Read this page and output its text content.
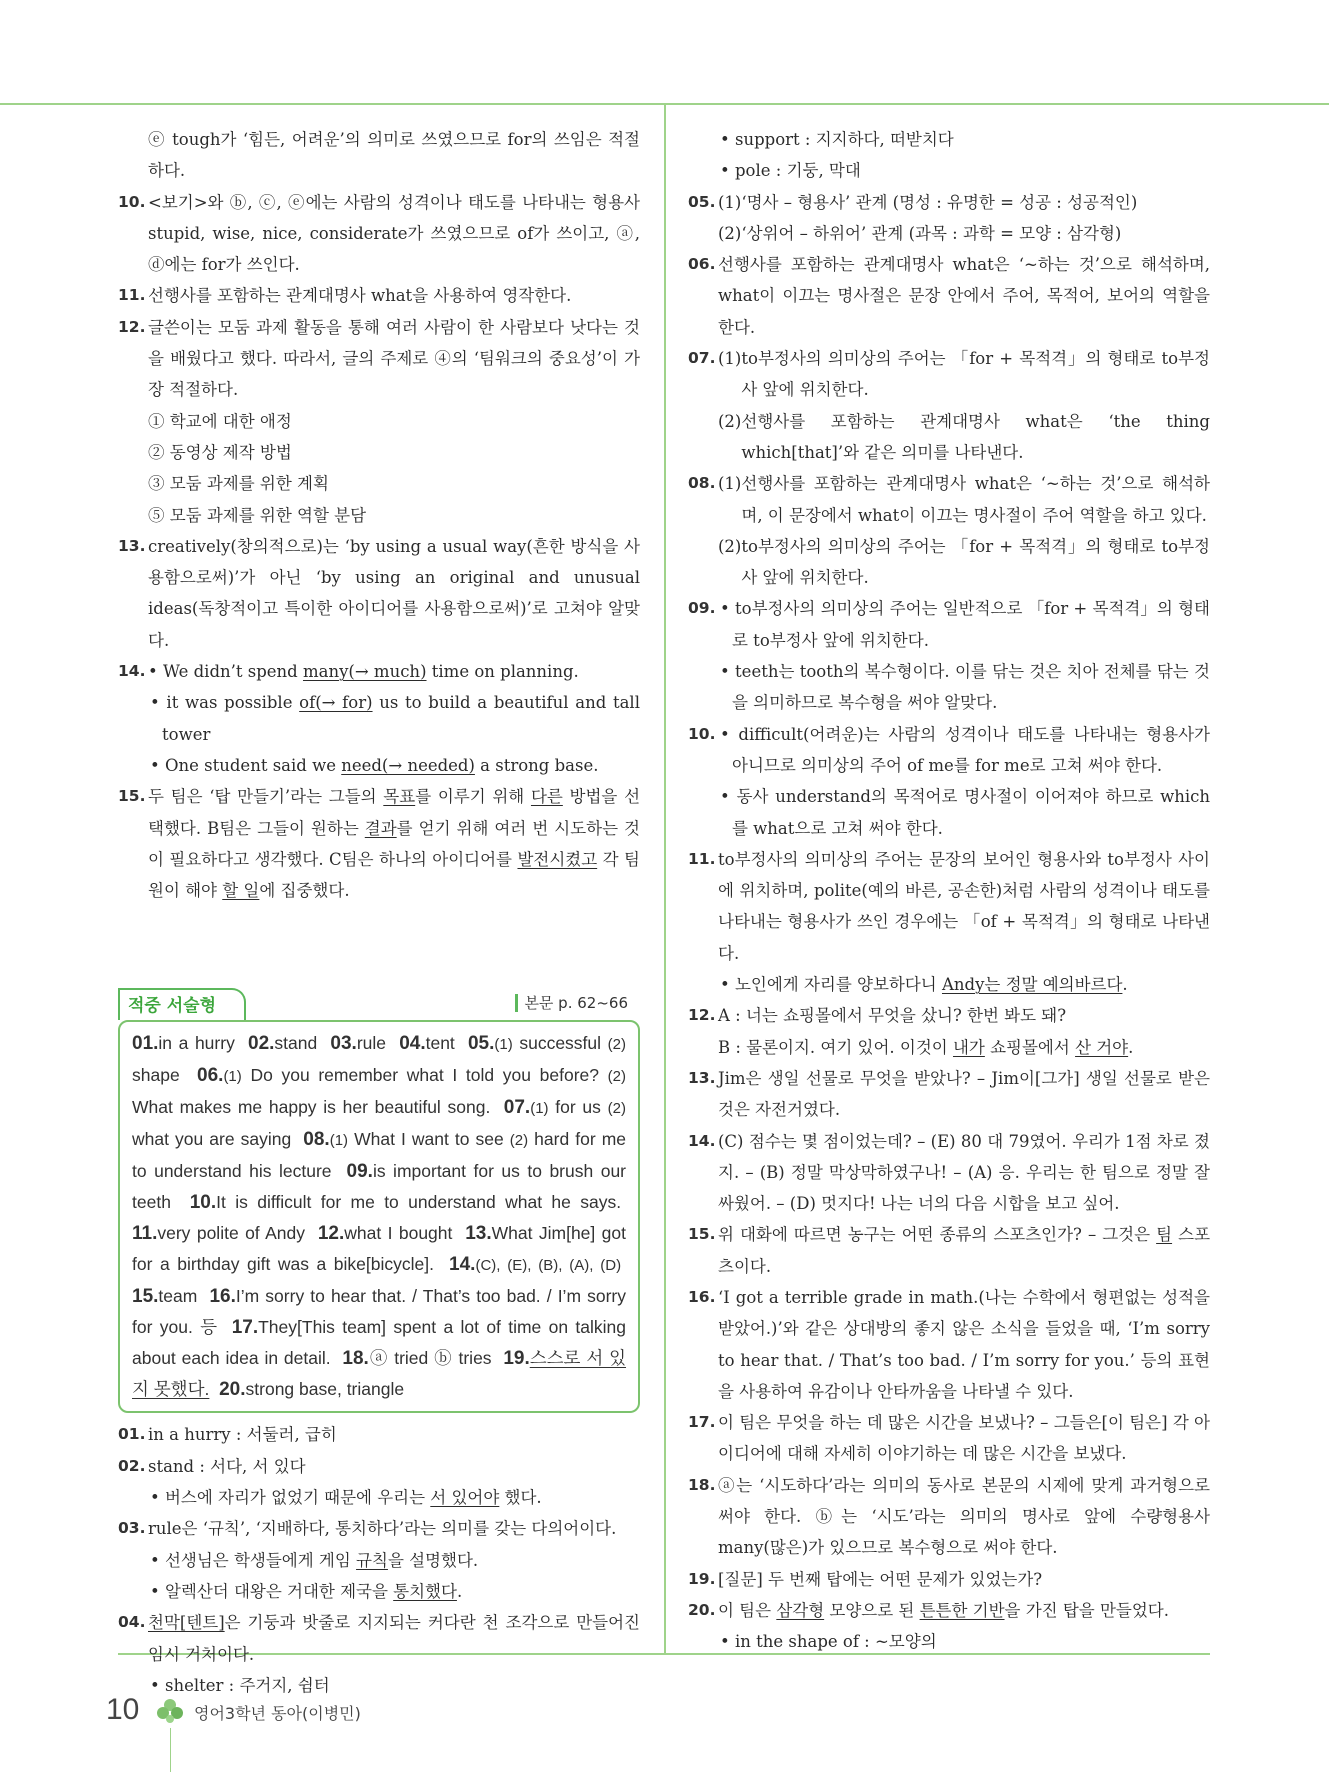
ⓔ tough가 ‘힘든, 어려운’의 의미로 쓰였으므로 for의 쓰임은 적절하다.
10. <보기>와 ⓑ, ⓒ, ⓔ에는 사람의 성격이나 태도를 나타내는 형용사 stupid, wise, nice, considerate가 쓰였으므로 of가 쓰이고, ⓐ, ⓓ에는 for가 쓰인다.
11. 선행사를 포함하는 관계대명사 what을 사용하여 영작한다.
12. 글쓴이는 모둠 과제 활동을 통해 여러 사람이 한 사람보다 낫다는 것을 배웠다고 했다. 따라서, 글의 주제로 ④의 ‘팀워크의 중요성’이 가장 적절하다.
① 학교에 대한 애정
② 동영상 제작 방법
③ 모둠 과제를 위한 계획
⑤ 모둠 과제를 위한 역할 분담
13. creatively(창의적으로)는 ‘by using a usual way(흔한 방식을 사용함으로써)’가 아닌 ‘by using an original and unusual ideas(독창적이고 특이한 아이디어를 사용함으로써)’로 고쳐야 알맞다.
14. • We didn’t spend many(→ much) time on planning.
• it was possible of(→ for) us to build a beautiful and tall tower
• One student said we need(→ needed) a strong base.
15. 두 팀은 ‘탑 만들기’라는 그들의 목표를 이루기 위해 다른 방법을 선택했다. B팀은 그들이 원하는 결과를 얻기 위해 여러 번 시도하는 것이 필요하다고 생각했다. C팀은 하나의 아이디어를 발전시켰고 각 팀원이 해야 할 일에 집중했다.
적중 서술형	본문 p. 62~66
01.in a hurry 02.stand 03.rule 04.tent 05.(1) successful (2) shape 06.(1) Do you remember what I told you before? (2) What makes me happy is her beautiful song. 07.(1) for us (2) what you are saying 08.(1) What I want to see (2) hard for me to understand his lecture 09.is important for us to brush our teeth 10.It is difficult for me to understand what he says.  11.very polite of Andy 12.what I bought 13.What Jim[he] got for a birthday gift was a bike[bicycle]. 14.(C), (E), (B), (A), (D)  15.team 16.I’m sorry to hear that. / That’s too bad. / I’m sorry for you. 등 17.They[This team] spent a lot of time on talking about each idea in detail. 18.ⓐ tried ⓑ tries 19.스스로 서 있지 못했다. 20.strong base, triangle
01. in a hurry : 서둘러, 급히
02. stand : 서다, 서 있다
• 버스에 자리가 없었기 때문에 우리는 서 있어야 했다.
03. rule은 ‘규칙’, ‘지배하다, 통치하다’라는 의미를 갖는 다의어이다.
• 선생님은 학생들에게 게임 규칙을 설명했다.
• 알렉산더 대왕은 거대한 제국을 통치했다.
04. 천막[텐트]은 기둥과 밧줄로 지지되는 커다란 천 조각으로 만들어진 임시 거처이다.
• shelter : 주거지, 쉼터
• support : 지지하다, 떠받치다
• pole : 기둥, 막대
05. (1) ‘명사 – 형용사’ 관계 (명성 : 유명한 = 성공 : 성공적인)
(2) ‘상위어 – 하위어’ 관계 (과목 : 과학 = 모양 : 삼각형)
06. 선행사를 포함하는 관계대명사 what은 ‘~하는 것’으로 해석하며, what이 이끄는 명사절은 문장 안에서 주어, 목적어, 보어의 역할을 한다.
07. (1) to부정사의 의미상의 주어는 「for + 목적격」의 형태로 to부정사 앞에 위치한다.
(2) 선행사를 포함하는 관계대명사 what은 ‘the thing which[that]’와 같은 의미를 나타낸다.
08. (1) 선행사를 포함하는 관계대명사 what은 ‘~하는 것’으로 해석하며, 이 문장에서 what이 이끄는 명사절이 주어 역할을 하고 있다.
(2) to부정사의 의미상의 주어는 「for + 목적격」의 형태로 to부정사 앞에 위치한다.
09. • to부정사의 의미상의 주어는 일반적으로 「for + 목적격」의 형태로 to부정사 앞에 위치한다.
• teeth는 tooth의 복수형이다. 이를 닦는 것은 치아 전체를 닦는 것을 의미하므로 복수형을 써야 알맞다.
10. • difficult(어려운)는 사람의 성격이나 태도를 나타내는 형용사가 아니므로 의미상의 주어 of me를 for me로 고쳐 써야 한다.
• 동사 understand의 목적어로 명사절이 이어져야 하므로 which를 what으로 고쳐 써야 한다.
11. to부정사의 의미상의 주어는 문장의 보어인 형용사와 to부정사 사이에 위치하며, polite(예의 바른, 공손한)처럼 사람의 성격이나 태도를 나타내는 형용사가 쓰인 경우에는 「of + 목적격」의 형태로 나타낸다.
• 노인에게 자리를 양보하다니 Andy는 정말 예의바르다.
12. A : 너는 쇼핑몰에서 무엇을 샀니? 한번 봐도 돼?
B : 물론이지. 여기 있어. 이것이 내가 쇼핑몰에서 산 거야.
13. Jim은 생일 선물로 무엇을 받았나? – Jim이[그가] 생일 선물로 받은 것은 자전거였다.
14. (C) 점수는 몇 점이었는데? – (E) 80 대 79였어. 우리가 1점 차로 졌지. – (B) 정말 막상막하였구나! – (A) 응. 우리는 한 팀으로 정말 잘 싸웠어. – (D) 멋지다! 나는 너의 다음 시합을 보고 싶어.
15. 위 대화에 따르면 농구는 어떤 종류의 스포츠인가? – 그것은 팀 스포츠이다.
16. ‘I got a terrible grade in math.(나는 수학에서 형편없는 성적을 받았어.)’와 같은 상대방의 좋지 않은 소식을 들었을 때, ‘I’m sorry to hear that. / That’s too bad. / I’m sorry for you.’ 등의 표현을 사용하여 유감이나 안타까움을 나타낼 수 있다.
17. 이 팀은 무엇을 하는 데 많은 시간을 보냈나? – 그들은[이 팀은] 각 아이디어에 대해 자세히 이야기하는 데 많은 시간을 보냈다.
18. ⓐ는 ‘시도하다’라는 의미의 동사로 본문의 시제에 맞게 과거형으로 써야 한다. ⓑ는 ‘시도’라는 의미의 명사로 앞에 수량형용사 many(많은)가 있으므로 복수형으로 써야 한다.
19. [질문] 두 번째 탑에는 어떤 문제가 있었는가?
20. 이 팀은 삼각형 모양으로 된 튼튼한 기반을 가진 탑을 만들었다.
• in the shape of : ~모양의
10	영어3학년 동아(이병민)
